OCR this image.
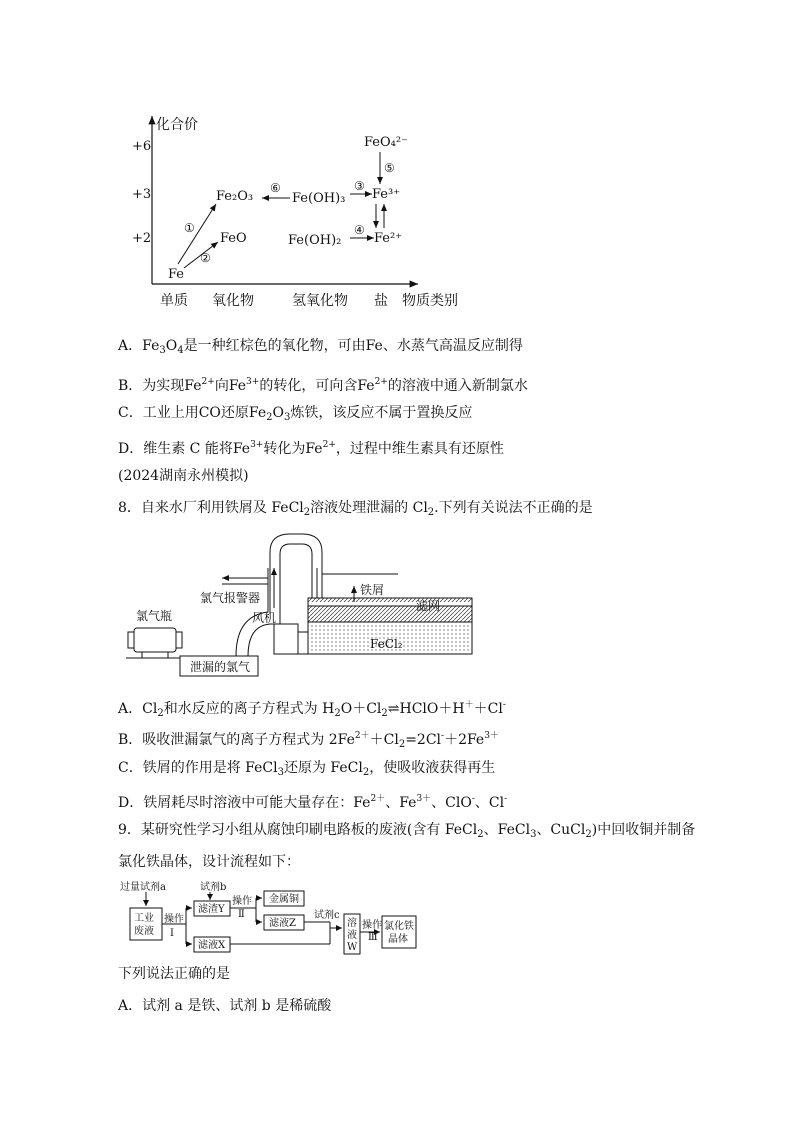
化合价
+6
+3
+2
单质 氧化物	氢氧化物 盐 物质类别
Fe
Fe₂O₃
FeO
Fe(OH)₃
Fe(OH)₂
Fe³⁺
Fe²⁺
FeO₄²⁻
①
②
③
④
⑤
⑥
A．$Fe_3O_4$是一种红棕色的氧化物，可由Fe、水蒸气高温反应制得
B．为实现$Fe^{2+}$向$Fe^{3+}$的转化，可向含$Fe^{2+}$的溶液中通入新制氯水
C．工业上用CO还原$Fe_2O_3$炼铁，该反应不属于置换反应
D．维生素 C 能将$Fe^{3+}$转化为$Fe^{2+}$，过程中维生素具有还原性
(2024湖南永州模拟)
8．自来水厂利用铁屑及 FeCl$_2$溶液处理泄漏的 $Cl_2$.下列有关说法不正确的是
氯气瓶
泄漏的氯气
氯气报警器
风机
铁屑
滤网
FeCl₂
A．$Cl_2$和水反应的离子方程式为 $H_2O+Cl_2\rightleftharpoons HClO+H^++Cl^-$
B．吸收泄漏氯气的离子方程式为 $2Fe^{2+}+Cl_2=2Cl^-+2Fe^{3+}$
C．铁屑的作用是将 FeCl$_3$还原为 FeCl$_2$，使吸收液获得再生
D．铁屑耗尽时溶液中可能大量存在：$Fe^{2+}$、$Fe^{3+}$、ClO-、Cl-
9．某研究性学习小组从腐蚀印刷电路板的废液(含有 FeCl$_2$、FeCl$_3$、CuCl$_2$)中回收铜并制备
氯化铁晶体，设计流程如下：
过量试剂a
工业
废液
操作
Ⅰ
试剂b
滤渣Y
滤液X
操作
Ⅱ
金属铜
滤液Z
试剂c
溶
液
W
操作
Ⅲ
氯化铁
晶体
下列说法正确的是
A．试剂 a 是铁、试剂 b 是稀硫酸
